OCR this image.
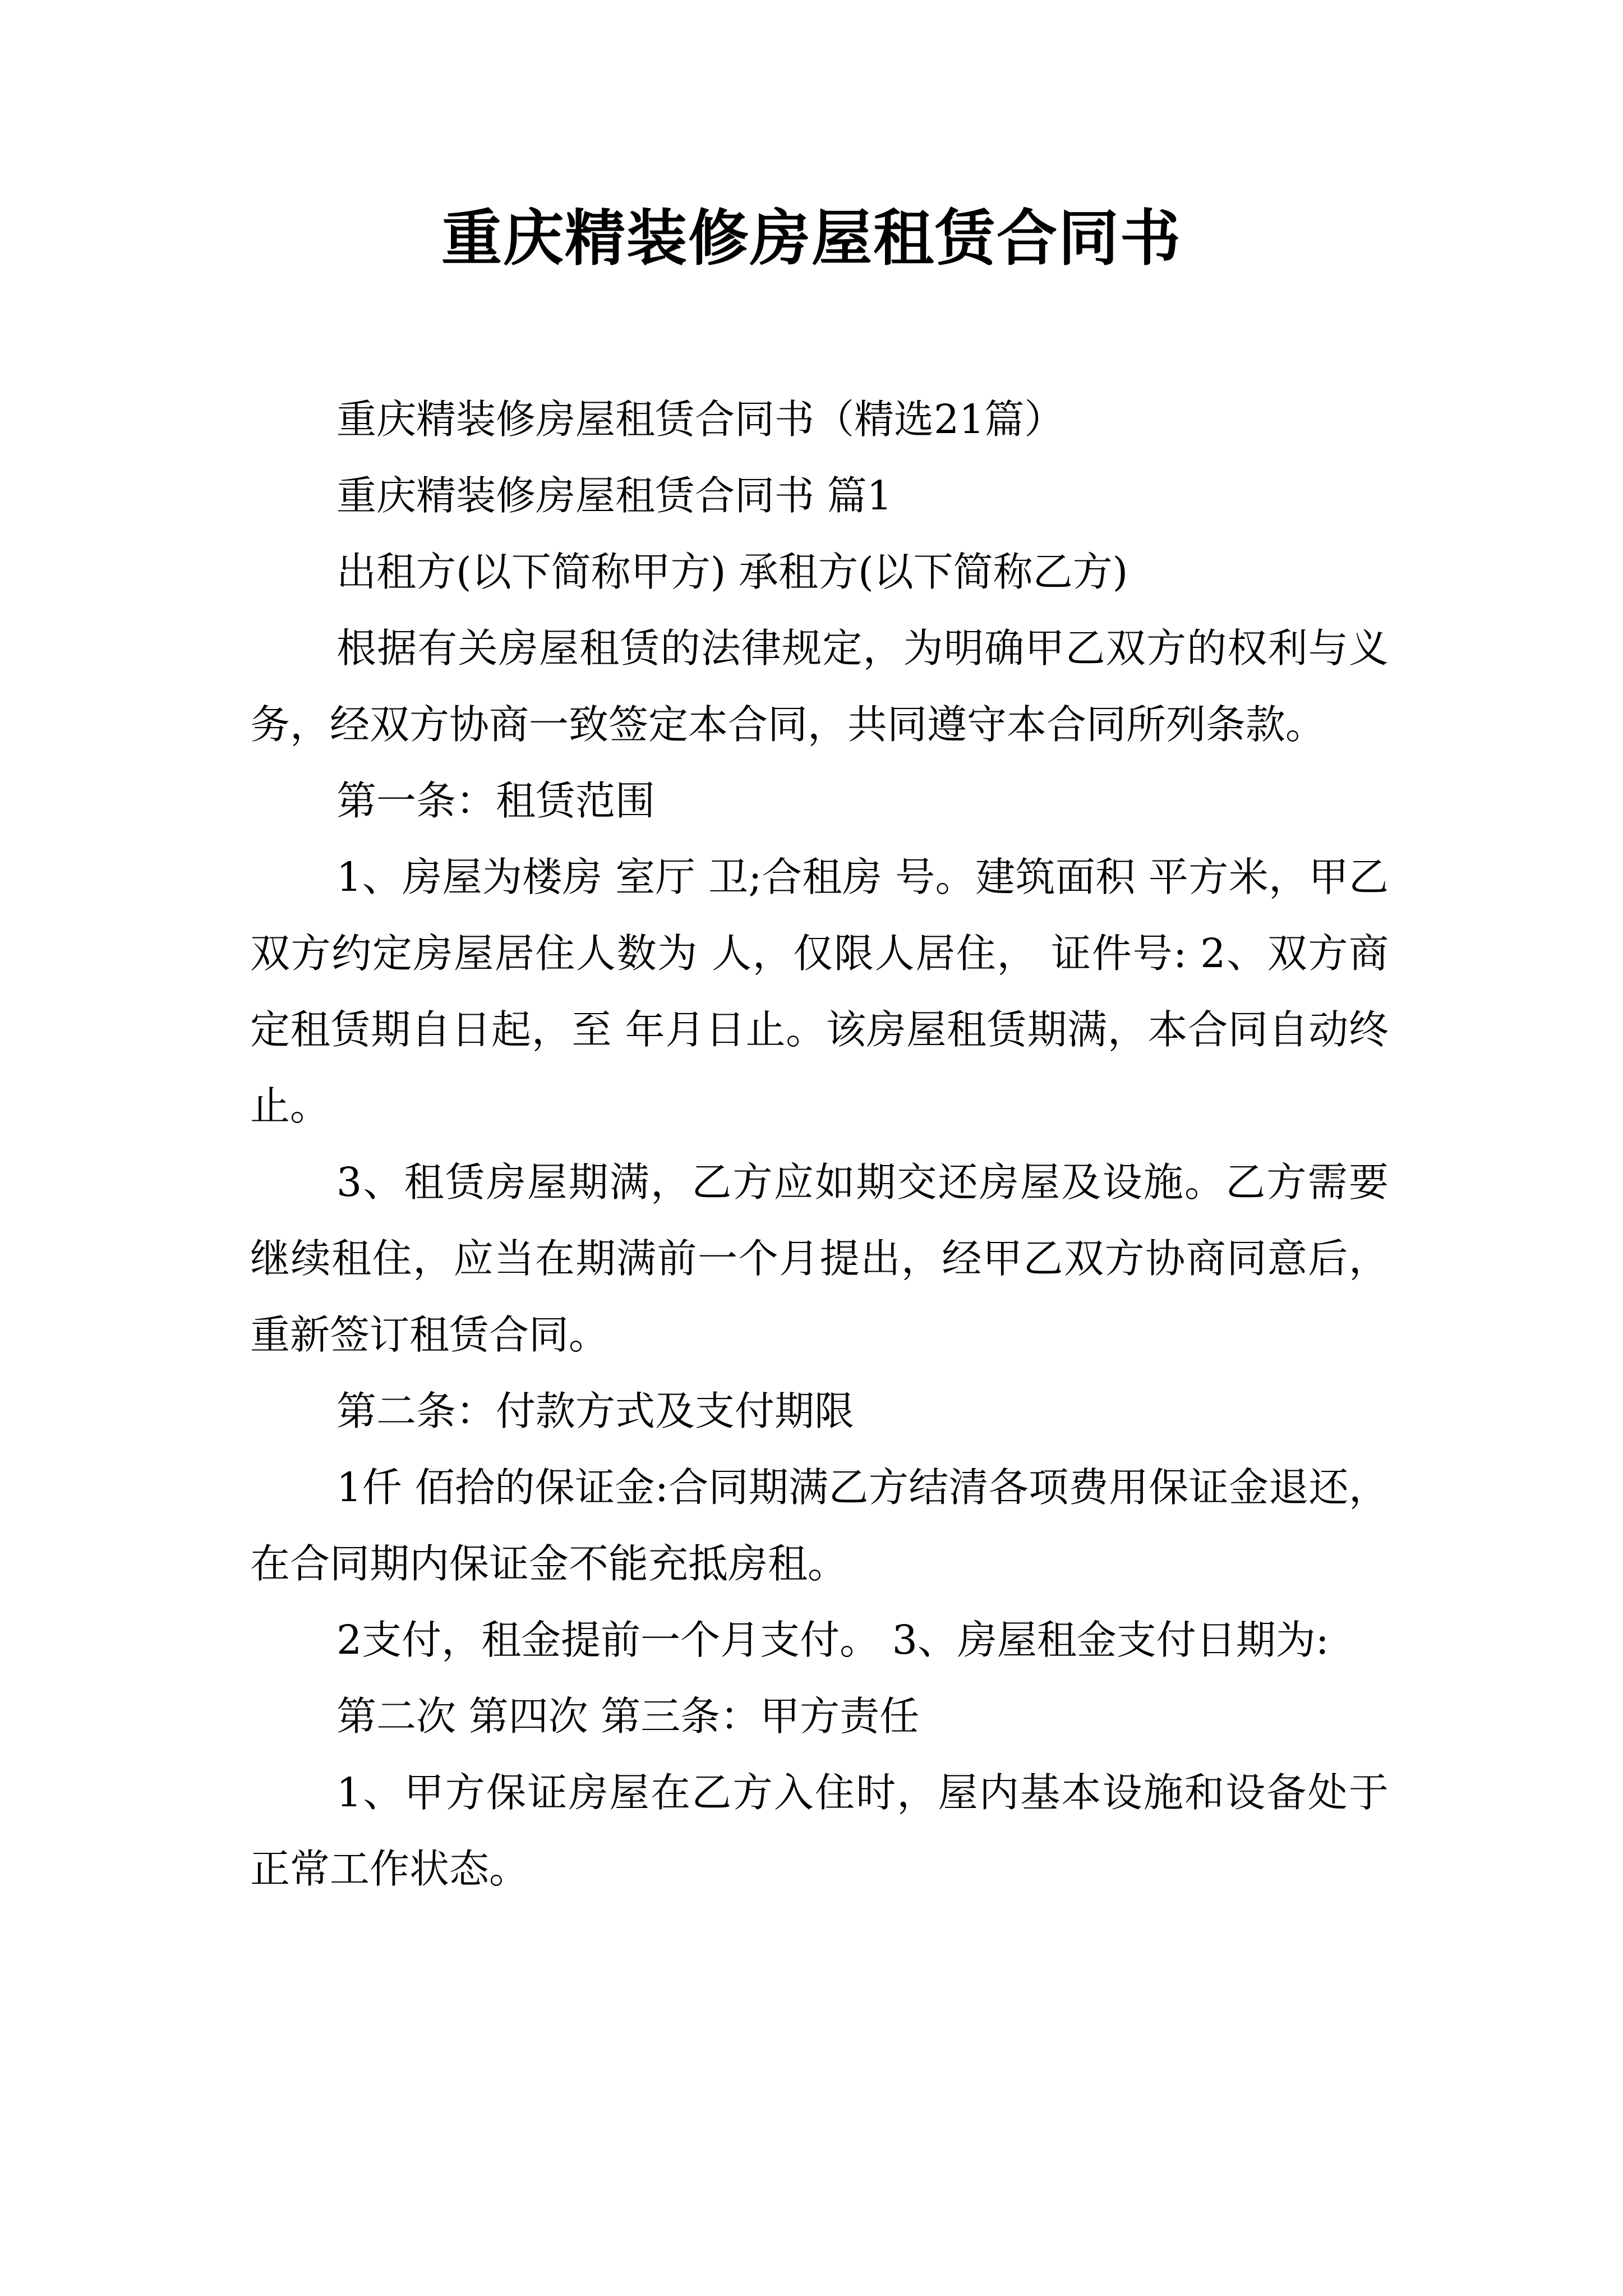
重庆精装修房屋租赁合同书

重庆精装修房屋租赁合同书（精选21篇）

重庆精装修房屋租赁合同书 篇1

出租方(以下简称甲方) 承租方(以下简称乙方)

根据有关房屋租赁的法律规定，为明确甲乙双方的权利与义务，经双方协商一致签定本合同，共同遵守本合同所列条款。

第一条：租赁范围

1、房屋为楼房 室厅 卫;合租房 号。建筑面积 平方米，甲乙双方约定房屋居住人数为 人，仅限人居住， 证件号: 2、双方商定租赁期自日起，至 年月日止。该房屋租赁期满，本合同自动终止。

3、租赁房屋期满，乙方应如期交还房屋及设施。乙方需要继续租住，应当在期满前一个月提出，经甲乙双方协商同意后，重新签订租赁合同。

第二条：付款方式及支付期限

1仟 佰拾的保证金:合同期满乙方结清各项费用保证金退还，在合同期内保证金不能充抵房租。

2支付，租金提前一个月支付。 3、房屋租金支付日期为:

第二次 第四次 第三条：甲方责任

1、甲方保证房屋在乙方入住时，屋内基本设施和设备处于正常工作状态。
